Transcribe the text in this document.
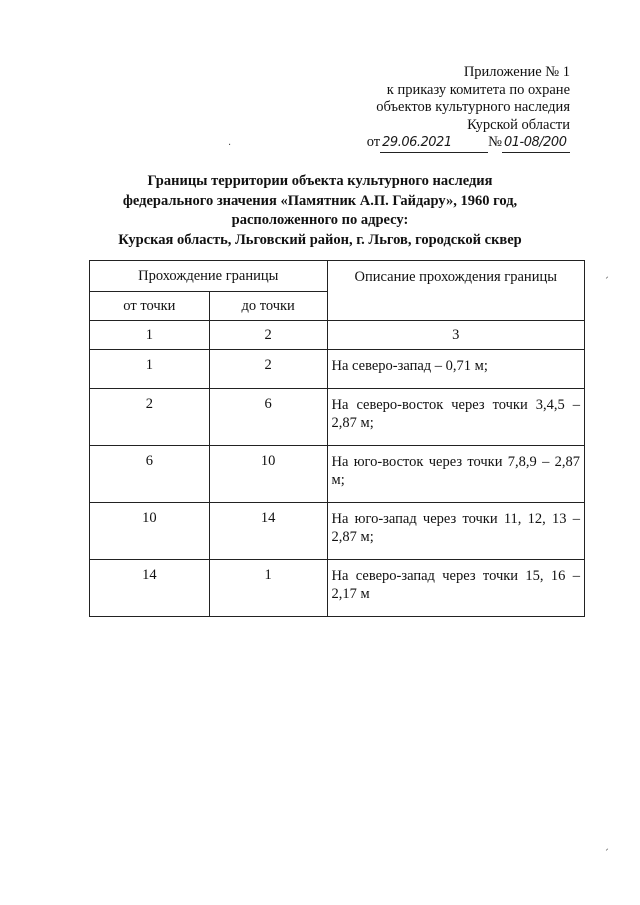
Приложение № 1
к приказу комитета по охране
объектов культурного наследия
Курской области
от 29.06.2021	№ 01-08/200
Границы территории объекта культурного наследия
федерального значения «Памятник А.П. Гайдару», 1960 год,
расположенного по адресу:
Курская область, Льговский район, г. Льгов, городской сквер
Прохождение границы		Описание прохождения границы
от точки	до точки	
1	2	3
1	2	На северо-запад – 0,71 м;
2	6	На северо-восток через точки 3,4,5 – 2,87 м;
6	10	На юго-восток через точки 7,8,9 – 2,87 м;
10	14	На юго-запад через точки 11, 12, 13 – 2,87 м;
14	1	На северо-запад через точки 15, 16 – 2,17 м
·
ˏ
ˏ
